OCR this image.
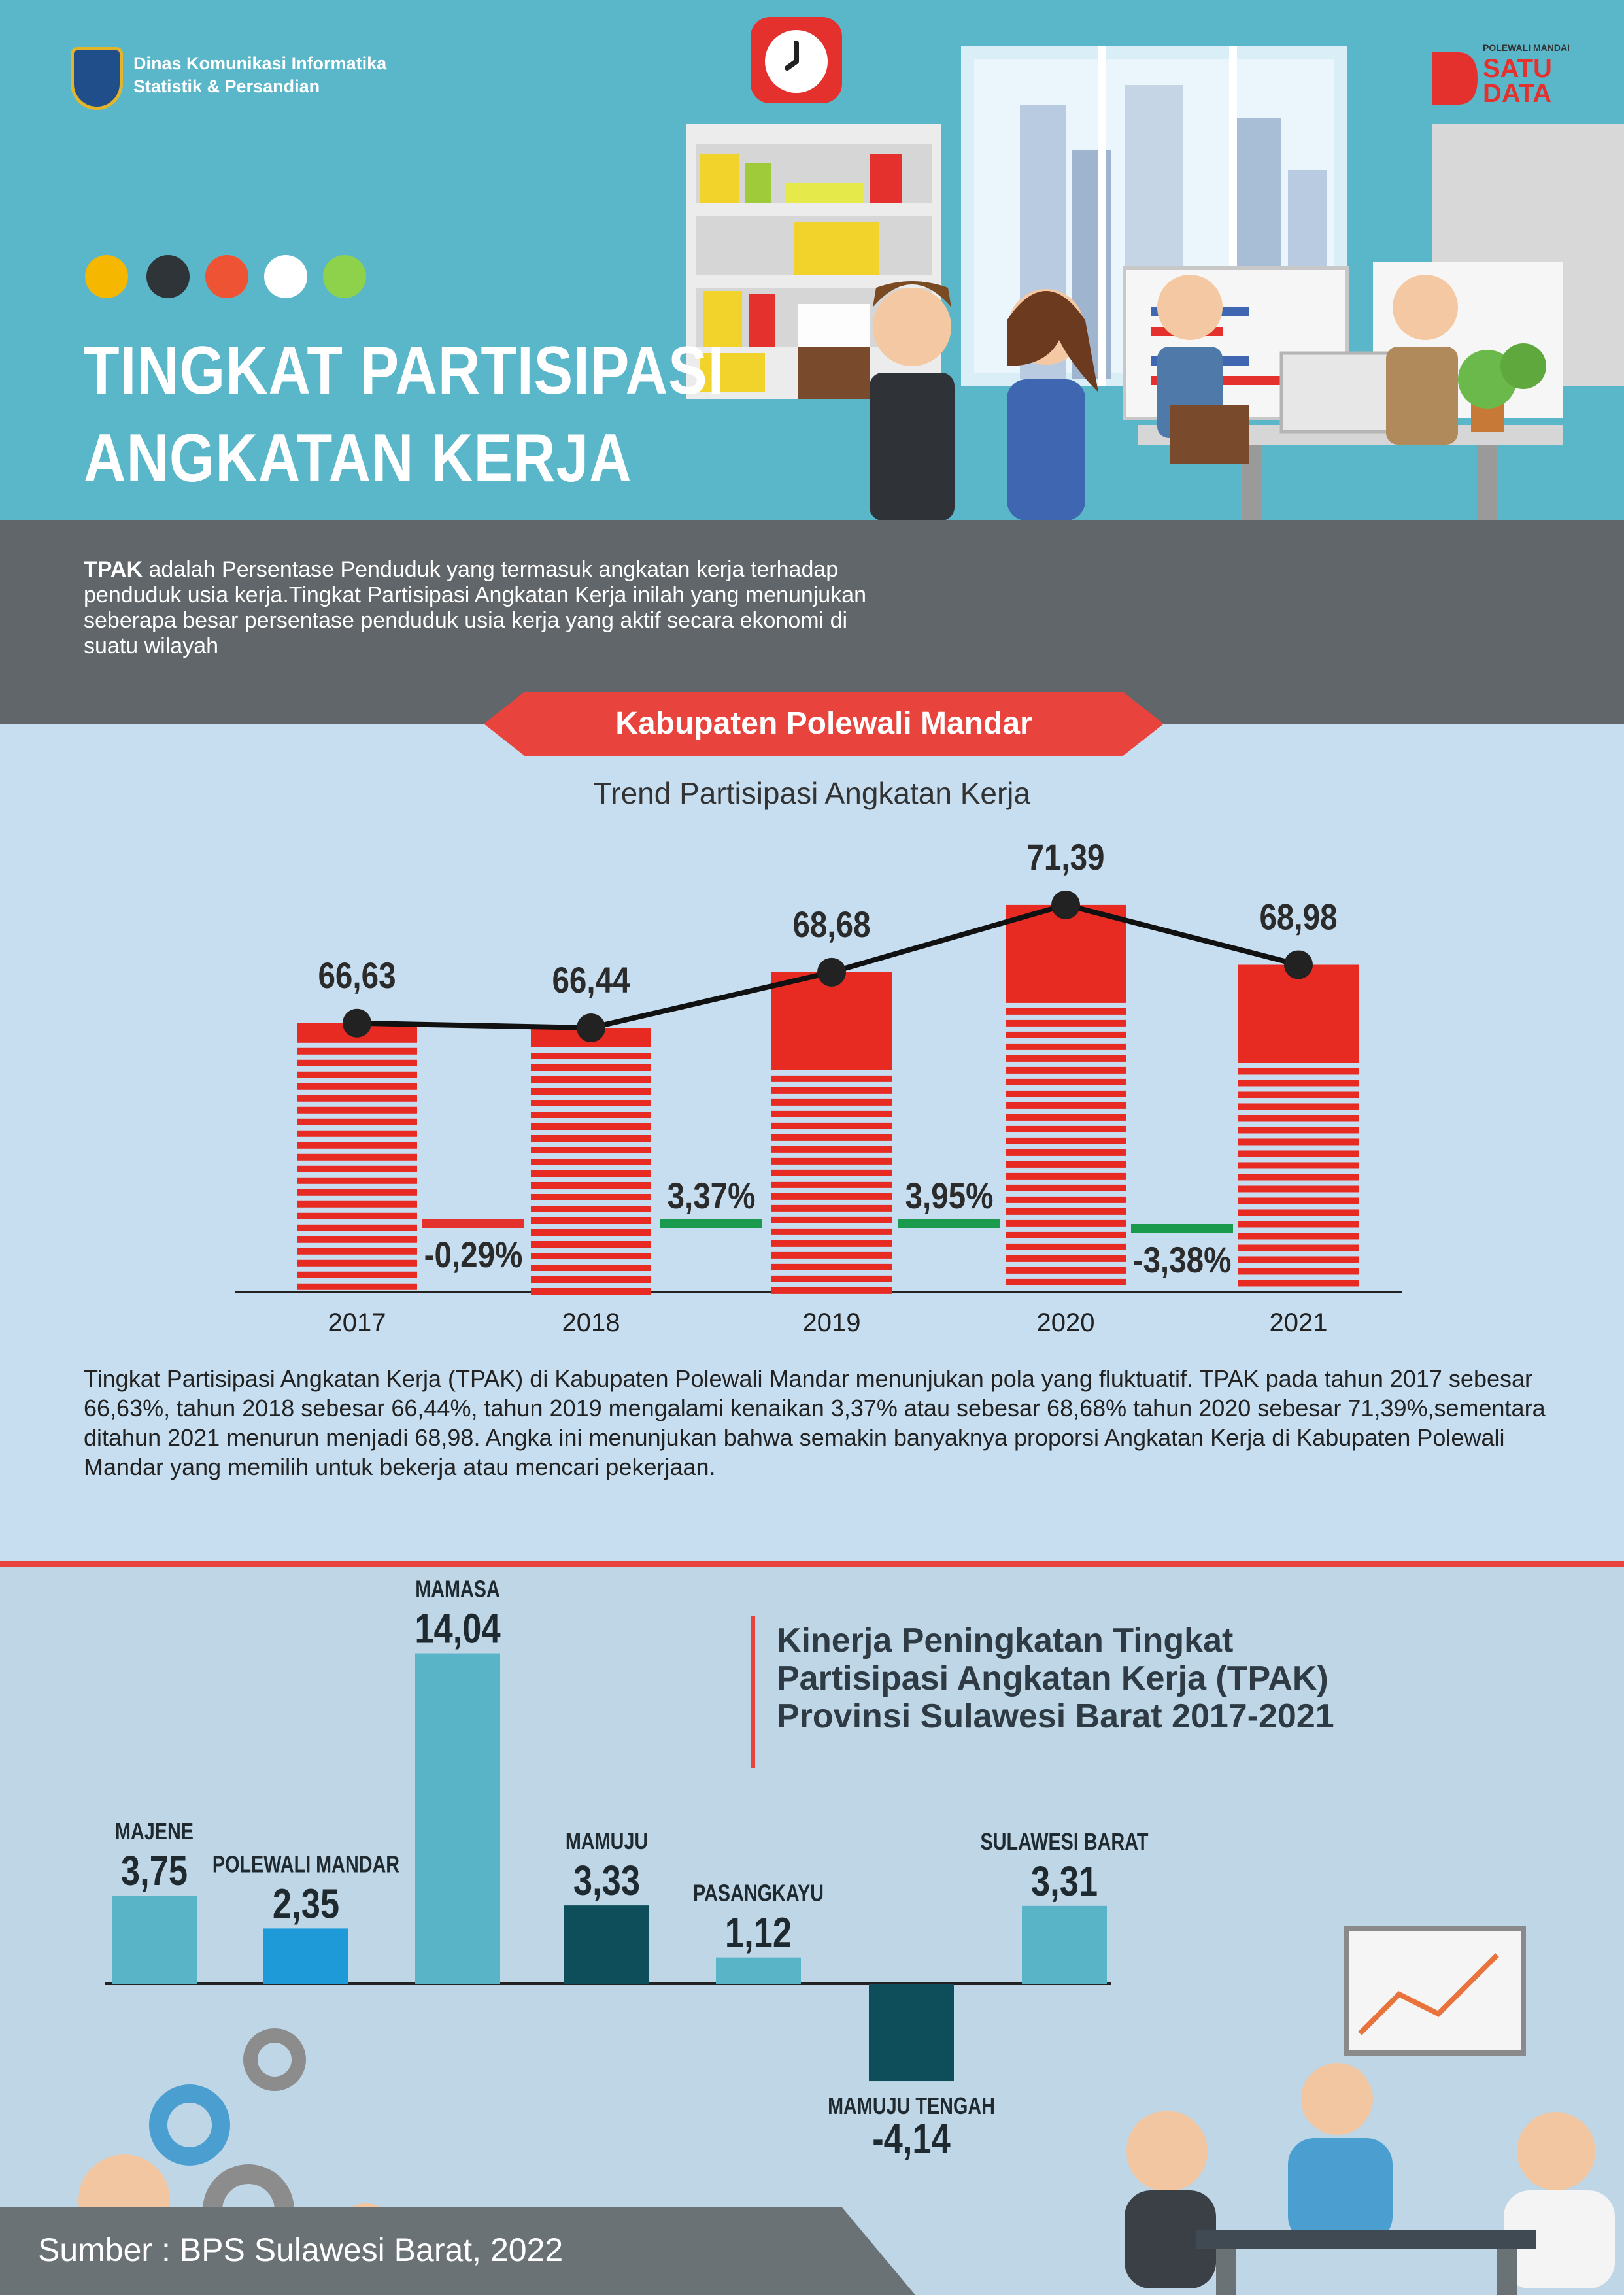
Dinas Komunikasi Informatika
Statistik & Persandian
POLEWALI MANDAR
SATU
DATA
TINGKAT PARTISIPASI
ANGKATAN KERJA
TPAK adalah Persentase Penduduk yang termasuk angkatan kerja terhadap penduduk usia kerja.Tingkat Partisipasi Angkatan Kerja inilah yang menunjukan seberapa besar persentase penduduk usia kerja yang aktif secara ekonomi di suatu wilayah
Kabupaten Polewali Mandar
Trend Partisipasi Angkatan Kerja
2017
66,63
2018
66,44
2019
68,68
2020
71,39
2021
68,98
-0,29%
3,37%	3,95%
-3,38%
Tingkat Partisipasi Angkatan Kerja (TPAK) di Kabupaten Polewali Mandar menunjukan pola yang fluktuatif. TPAK pada tahun 2017 sebesar 66,63%, tahun 2018 sebesar 66,44%, tahun 2019 mengalami kenaikan 3,37% atau sebesar 68,68% tahun 2020 sebesar 71,39%,sementara ditahun 2021 menurun menjadi 68,98. Angka ini menunjukan bahwa semakin banyaknya proporsi Angkatan Kerja di Kabupaten Polewali Mandar yang memilih untuk bekerja atau mencari pekerjaan.
Kinerja Peningkatan Tingkat
Partisipasi Angkatan Kerja (TPAK)
Provinsi Sulawesi Barat 2017-2021
MAJENE
3,75 POLEWALI MANDAR
2,35
MAMASA
14,04
MAMUJU
3,33 PASANGKAYU
1,12
MAMUJU TENGAH
-4,14
SULAWESI BARAT
3,31
Sumber : BPS Sulawesi Barat, 2022
